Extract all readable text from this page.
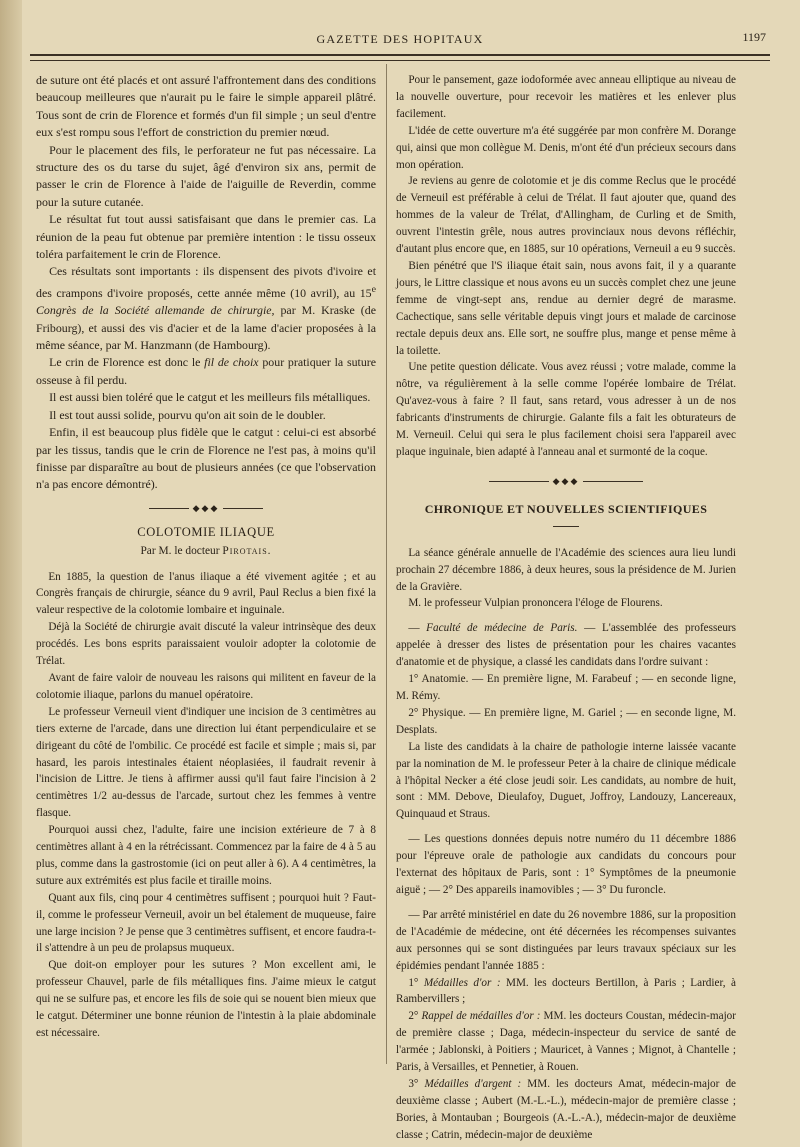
GAZETTE DES HOPITAUX	1197

de suture ont été placés et ont assuré l'affrontement dans des conditions beaucoup meilleures que n'aurait pu le faire le simple appareil plâtré. Tous sont de crin de Florence et formés d'un fil simple ; un seul d'entre eux s'est rompu sous l'effort de constriction du premier nœud.

Pour le placement des fils, le perforateur ne fut pas nécessaire. La structure des os du tarse du sujet, âgé d'environ six ans, permit de passer le crin de Florence à l'aide de l'aiguille de Reverdin, comme pour la suture cutanée.

Le résultat fut tout aussi satisfaisant que dans le premier cas. La réunion de la peau fut obtenue par première intention : le tissu osseux toléra parfaitement le crin de Florence.

Ces résultats sont importants : ils dispensent des pivots d'ivoire et des crampons d'ivoire proposés, cette année même (10 avril), au 15e Congrès de la Société allemande de chirurgie, par M. Kraske (de Fribourg), et aussi des vis d'acier et de la lame d'acier proposées à la même séance, par M. Hanzmann (de Hambourg).

Le crin de Florence est donc le fil de choix pour pratiquer la suture osseuse à fil perdu.

Il est aussi bien toléré que le catgut et les meilleurs fils métalliques.

Il est tout aussi solide, pourvu qu'on ait soin de le doubler.

Enfin, il est beaucoup plus fidèle que le catgut : celui-ci est absorbé par les tissus, tandis que le crin de Florence ne l'est pas, à moins qu'il finisse par disparaître au bout de plusieurs années (ce que l'observation n'a pas encore démontré).

◆◆◆
COLOTOMIE ILIAQUE
Par M. le docteur Pirotais.

En 1885, la question de l'anus iliaque a été vivement agitée ; et au Congrès français de chirurgie, séance du 9 avril, Paul Reclus a bien fixé la valeur respective de la colotomie lombaire et inguinale.

Déjà la Société de chirurgie avait discuté la valeur intrinsèque des deux procédés. Les bons esprits paraissaient vouloir adopter la colotomie de Trélat.

Avant de faire valoir de nouveau les raisons qui militent en faveur de la colotomie iliaque, parlons du manuel opératoire.

Le professeur Verneuil vient d'indiquer une incision de 3 centimètres au tiers externe de l'arcade, dans une direction lui étant perpendiculaire et se dirigeant du côté de l'ombilic. Ce procédé est facile et simple ; mais si, par hasard, les parois intestinales étaient néoplasiées, il faudrait revenir à l'incision de Littre. Je tiens à affirmer aussi qu'il faut faire l'incision à 2 centimètres 1/2 au-dessus de l'arcade, surtout chez les femmes à ventre flasque.

Pourquoi aussi chez, l'adulte, faire une incision extérieure de 7 à 8 centimètres allant à 4 en la rétrécissant. Commencez par la faire de 4 à 5 au plus, comme dans la gastrostomie (ici on peut aller à 6). A 4 centimètres, la suture aux extrémités est plus facile et tiraille moins.

Quant aux fils, cinq pour 4 centimètres suffisent ; pourquoi huit ? Faut-il, comme le professeur Verneuil, avoir un bel étalement de muqueuse, faire une large incision ? Je pense que 3 centimètres suffisent, et encore faudra-t-il s'attendre à un peu de prolapsus muqueux.

Que doit-on employer pour les sutures ? Mon excellent ami, le professeur Chauvel, parle de fils métalliques fins. J'aime mieux le catgut qui ne se sulfure pas, et encore les fils de soie qui se nouent bien mieux que le catgut. Déterminer une bonne réunion de l'intestin à la plaie abdominale est nécessaire.

Pour le pansement, gaze iodoformée avec anneau elliptique au niveau de la nouvelle ouverture, pour recevoir les matières et les enlever plus facilement.

L'idée de cette ouverture m'a été suggérée par mon confrère M. Dorange qui, ainsi que mon collègue M. Denis, m'ont été d'un précieux secours dans mon opération.

Je reviens au genre de colotomie et je dis comme Reclus que le procédé de Verneuil est préférable à celui de Trélat. Il faut ajouter que, quand des hommes de la valeur de Trélat, d'Allingham, de Curling et de Smith, ouvrent l'intestin grêle, nous autres provinciaux nous devons réfléchir, d'autant plus encore que, en 1885, sur 10 opérations, Verneuil a eu 9 succès.

Bien pénétré que l'S iliaque était sain, nous avons fait, il y a quarante jours, le Littre classique et nous avons eu un succès complet chez une jeune femme de vingt-sept ans, rendue au dernier degré de marasme. Cachectique, sans selle véritable depuis vingt jours et malade de carcinose rectale depuis deux ans. Elle sort, ne souffre plus, mange et pense même à la toilette.

Une petite question délicate. Vous avez réussi ; votre malade, comme la nôtre, va régulièrement à la selle comme l'opérée lombaire de Trélat. Qu'avez-vous à faire ? Il faut, sans retard, vous adresser à un de nos fabricants d'instruments de chirurgie. Galante fils a fait les obturateurs de M. Verneuil. Celui qui sera le plus facilement choisi sera l'appareil avec plaque inguinale, bien adapté à l'anneau anal et surmonté de la coque.

◆◆◆
CHRONIQUE ET NOUVELLES SCIENTIFIQUES

La séance générale annuelle de l'Académie des sciences aura lieu lundi prochain 27 décembre 1886, à deux heures, sous la présidence de M. Jurien de la Gravière.

M. le professeur Vulpian prononcera l'éloge de Flourens.

— Faculté de médecine de Paris. — L'assemblée des professeurs appelée à dresser des listes de présentation pour les chaires vacantes d'anatomie et de physique, a classé les candidats dans l'ordre suivant :

1° Anatomie. — En première ligne, M. Farabeuf ; — en seconde ligne, M. Rémy.

2° Physique. — En première ligne, M. Gariel ; — en seconde ligne, M. Desplats.

La liste des candidats à la chaire de pathologie interne laissée vacante par la nomination de M. le professeur Peter à la chaire de clinique médicale à l'hôpital Necker a été close jeudi soir. Les candidats, au nombre de huit, sont : MM. Debove, Dieulafoy, Duguet, Joffroy, Landouzy, Lancereaux, Quinquaud et Straus.

— Les questions données depuis notre numéro du 11 décembre 1886 pour l'épreuve orale de pathologie aux candidats du concours pour l'externat des hôpitaux de Paris, sont : 1° Symptômes de la pneumonie aiguë ; — 2° Des appareils inamovibles ; — 3° Du furoncle.

— Par arrêté ministériel en date du 26 novembre 1886, sur la proposition de l'Académie de médecine, ont été décernées les récompenses suivantes aux personnes qui se sont distinguées par leurs travaux spéciaux sur les épidémies pendant l'année 1885 :

1° Médailles d'or : MM. les docteurs Bertillon, à Paris ; Lardier, à Rambervillers ;

2° Rappel de médailles d'or : MM. les docteurs Coustan, médecin-major de première classe ; Daga, médecin-inspecteur du service de santé de l'armée ; Jablonski, à Poitiers ; Mauricet, à Vannes ; Mignot, à Chantelle ; Paris, à Versailles, et Pennetier, à Rouen.

3° Médailles d'argent : MM. les docteurs Amat, médecin-major de deuxième classe ; Aubert (M.-L.-L.), médecin-major de première classe ; Bories, à Montauban ; Bourgeois (A.-L.-A.), médecin-major de deuxième classe ; Catrin, médecin-major de deuxième
